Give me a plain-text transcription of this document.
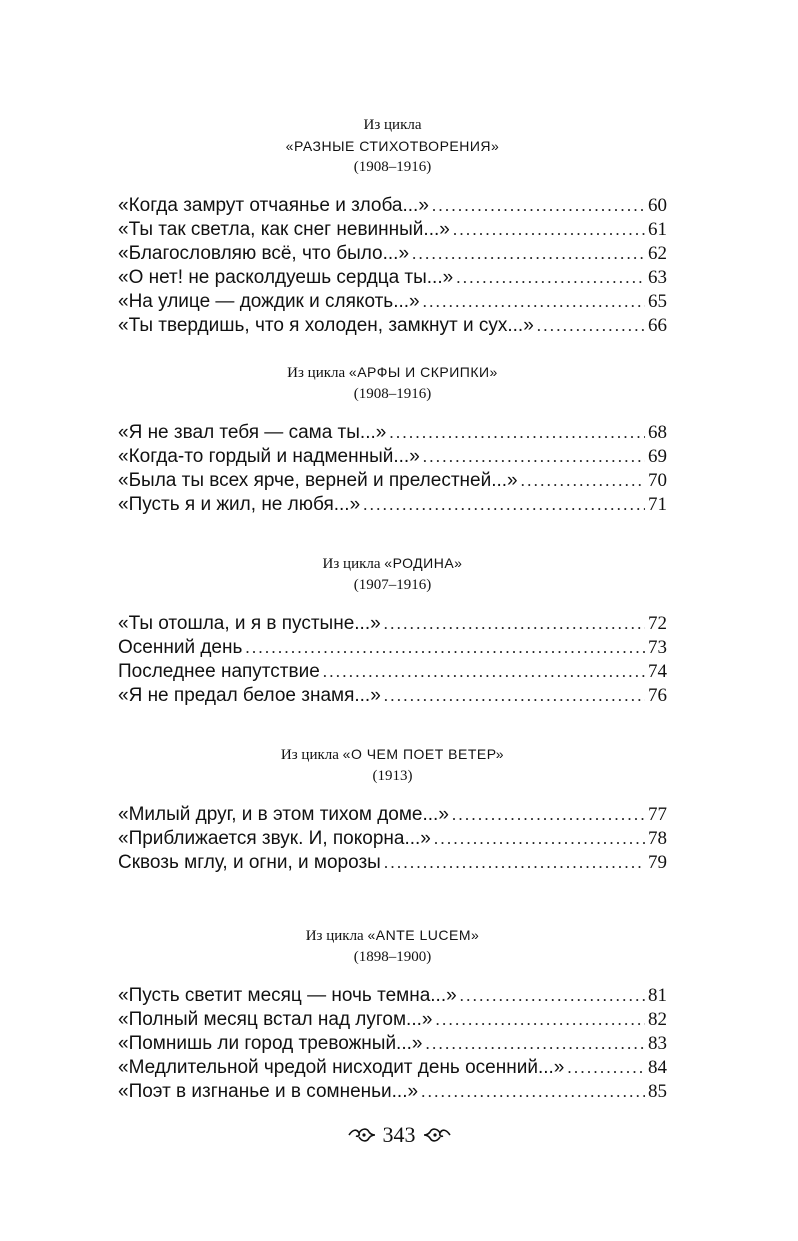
Из цикла
«РАЗНЫЕ СТИХОТВОРЕНИЯ»
(1908–1916)
«Когда замрут отчаянье и злоба...» . . .	60
«Ты так светла, как снег невинный...» . . .	61
«Благословляю всё, что было...» . . .	62
«О нет! не расколдуешь сердца ты...» . . .	63
«На улице — дождик и слякоть...» . . .	65
«Ты твердишь, что я холоден, замкнут и сух...» . . .	66
Из цикла «АРФЫ И СКРИПКИ»
(1908–1916)
«Я не звал тебя — сама ты...» . . .	68
«Когда-то гордый и надменный...» . . .	69
«Была ты всех ярче, верней и прелестней...» . . .	70
«Пусть я и жил, не любя...» . . .	71
Из цикла «РОДИНА»
(1907–1916)
«Ты отошла, и я в пустыне...» . . .	72
Осенний день . . .	73
Последнее напутствие . . .	74
«Я не предал белое знамя...» . . .	76
Из цикла «О ЧЕМ ПОЕТ ВЕТЕР»
(1913)
«Милый друг, и в этом тихом доме...» . . .	77
«Приближается звук. И, покорна...» . . .	78
Сквозь мглу, и огни, и морозы . . .	79
Из цикла «ANTE LUCEM»
(1898–1900)
«Пусть светит месяц — ночь темна...» . . .	81
«Полный месяц встал над лугом...» . . .	82
«Помнишь ли город тревожный...» . . .	83
«Медлительной чредой нисходит день осенний...» . . .	84
«Поэт в изгнанье и в сомненьи...» . . .	85
343
